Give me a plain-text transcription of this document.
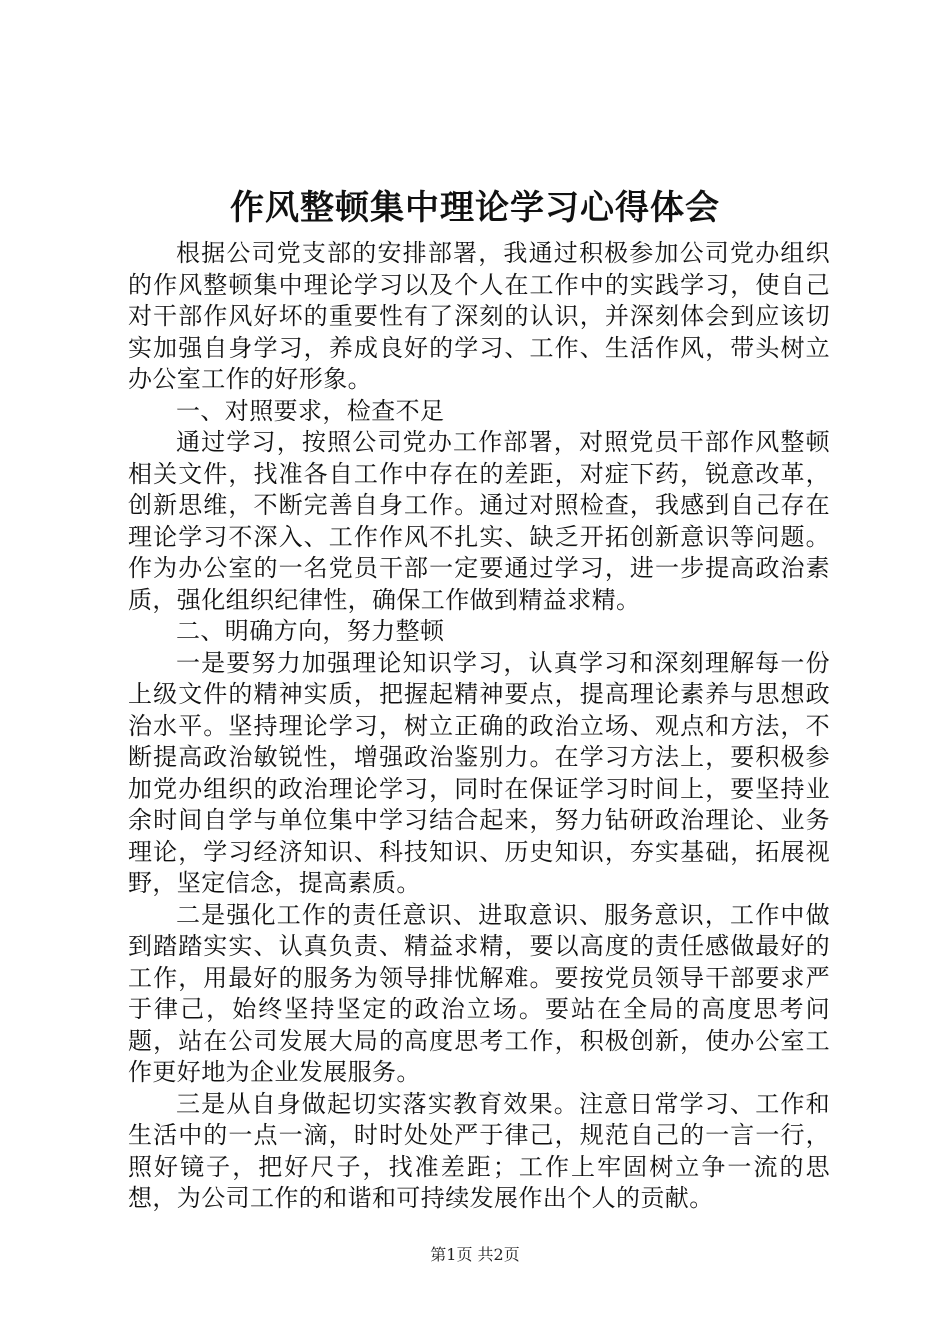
作风整顿集中理论学习心得体会

根据公司党支部的安排部署，我通过积极参加公司党办组织的作风整顿集中理论学习以及个人在工作中的实践学习，使自己对干部作风好坏的重要性有了深刻的认识，并深刻体会到应该切实加强自身学习，养成良好的学习、工作、生活作风，带头树立办公室工作的好形象。

一、对照要求，检查不足

通过学习，按照公司党办工作部署，对照党员干部作风整顿相关文件，找准各自工作中存在的差距，对症下药，锐意改革，创新思维，不断完善自身工作。通过对照检查，我感到自己存在理论学习不深入、工作作风不扎实、缺乏开拓创新意识等问题。作为办公室的一名党员干部一定要通过学习，进一步提高政治素质，强化组织纪律性，确保工作做到精益求精。

二、明确方向，努力整顿

一是要努力加强理论知识学习，认真学习和深刻理解每一份上级文件的精神实质，把握起精神要点，提高理论素养与思想政治水平。坚持理论学习，树立正确的政治立场、观点和方法，不断提高政治敏锐性，增强政治鉴别力。在学习方法上，要积极参加党办组织的政治理论学习，同时在保证学习时间上，要坚持业余时间自学与单位集中学习结合起来，努力钻研政治理论、业务理论，学习经济知识、科技知识、历史知识，夯实基础，拓展视野，坚定信念，提高素质。

二是强化工作的责任意识、进取意识、服务意识，工作中做到踏踏实实、认真负责、精益求精，要以高度的责任感做最好的工作，用最好的服务为领导排忧解难。要按党员领导干部要求严于律己，始终坚持坚定的政治立场。要站在全局的高度思考问题，站在公司发展大局的高度思考工作，积极创新，使办公室工作更好地为企业发展服务。

三是从自身做起切实落实教育效果。注意日常学习、工作和生活中的一点一滴，时时处处严于律己，规范自己的一言一行，照好镜子，把好尺子，找准差距；工作上牢固树立争一流的思想，为公司工作的和谐和可持续发展作出个人的贡献。

第1页 共2页
